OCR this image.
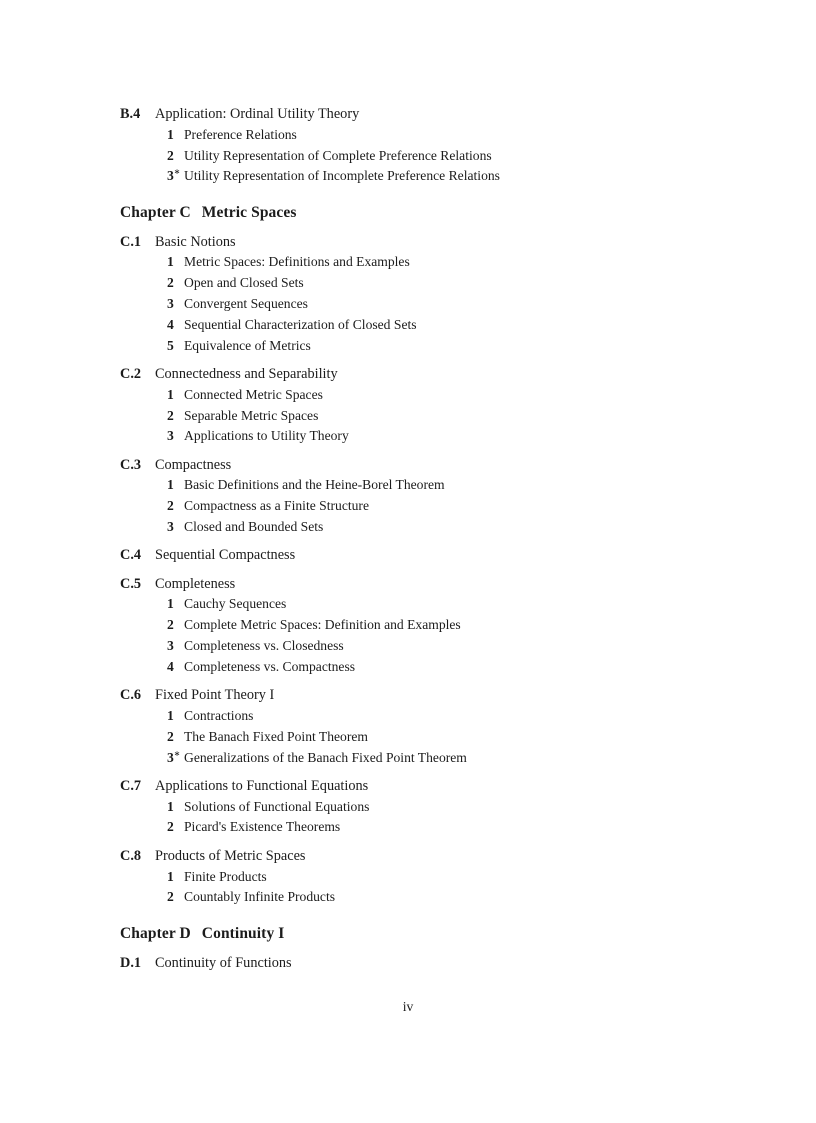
B.4	Application: Ordinal Utility Theory
1 Preference Relations
2 Utility Representation of Complete Preference Relations
3∗ Utility Representation of Incomplete Preference Relations
Chapter C Metric Spaces
C.1 Basic Notions
1 Metric Spaces: Definitions and Examples
2 Open and Closed Sets
3 Convergent Sequences
4 Sequential Characterization of Closed Sets
5 Equivalence of Metrics
C.2 Connectedness and Separability
1 Connected Metric Spaces
2 Separable Metric Spaces
3 Applications to Utility Theory
C.3 Compactness
1 Basic Definitions and the Heine-Borel Theorem
2 Compactness as a Finite Structure
3 Closed and Bounded Sets
C.4 Sequential Compactness
C.5 Completeness
1 Cauchy Sequences
2 Complete Metric Spaces: Definition and Examples
3 Completeness vs. Closedness
4 Completeness vs. Compactness
C.6 Fixed Point Theory I
1 Contractions
2 The Banach Fixed Point Theorem
3∗ Generalizations of the Banach Fixed Point Theorem
C.7 Applications to Functional Equations
1 Solutions of Functional Equations
2 Picard's Existence Theorems
C.8 Products of Metric Spaces
1 Finite Products
2 Countably Infinite Products
Chapter D Continuity I
D.1 Continuity of Functions
iv
